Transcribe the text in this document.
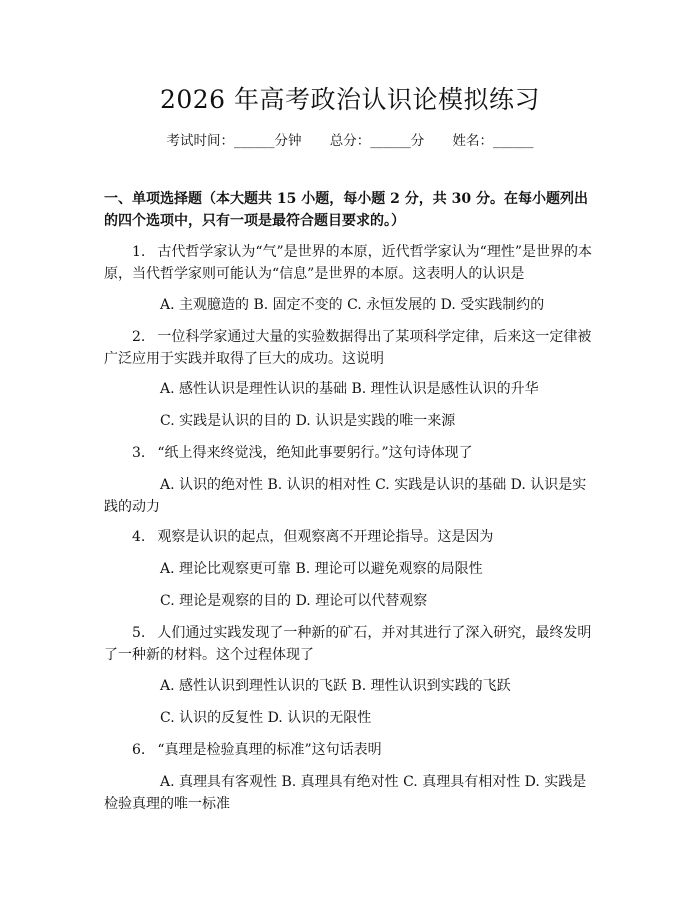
2026 年高考政治认识论模拟练习
考试时间：______分钟 总分：______分 姓名：______
一、单项选择题（本大题共 15 小题，每小题 2 分，共 30 分。在每小题列出的四个选项中，只有一项是最符合题目要求的。）
1. 古代哲学家认为“气”是世界的本原，近代哲学家认为“理性”是世界的本原，当代哲学家则可能认为“信息”是世界的本原。这表明人的认识是
A. 主观臆造的 B. 固定不变的 C. 永恒发展的 D. 受实践制约的
2. 一位科学家通过大量的实验数据得出了某项科学定律，后来这一定律被广泛应用于实践并取得了巨大的成功。这说明
A. 感性认识是理性认识的基础 B. 理性认识是感性认识的升华
C. 实践是认识的目的 D. 认识是实践的唯一来源
3. “纸上得来终觉浅，绝知此事要躬行。”这句诗体现了
A. 认识的绝对性 B. 认识的相对性 C. 实践是认识的基础 D. 认识是实践的动力
4. 观察是认识的起点，但观察离不开理论指导。这是因为
A. 理论比观察更可靠 B. 理论可以避免观察的局限性
C. 理论是观察的目的 D. 理论可以代替观察
5. 人们通过实践发现了一种新的矿石，并对其进行了深入研究，最终发明了一种新的材料。这个过程体现了
A. 感性认识到理性认识的飞跃 B. 理性认识到实践的飞跃
C. 认识的反复性 D. 认识的无限性
6. “真理是检验真理的标准”这句话表明
A. 真理具有客观性 B. 真理具有绝对性 C. 真理具有相对性 D. 实践是检验真理的唯一标准
